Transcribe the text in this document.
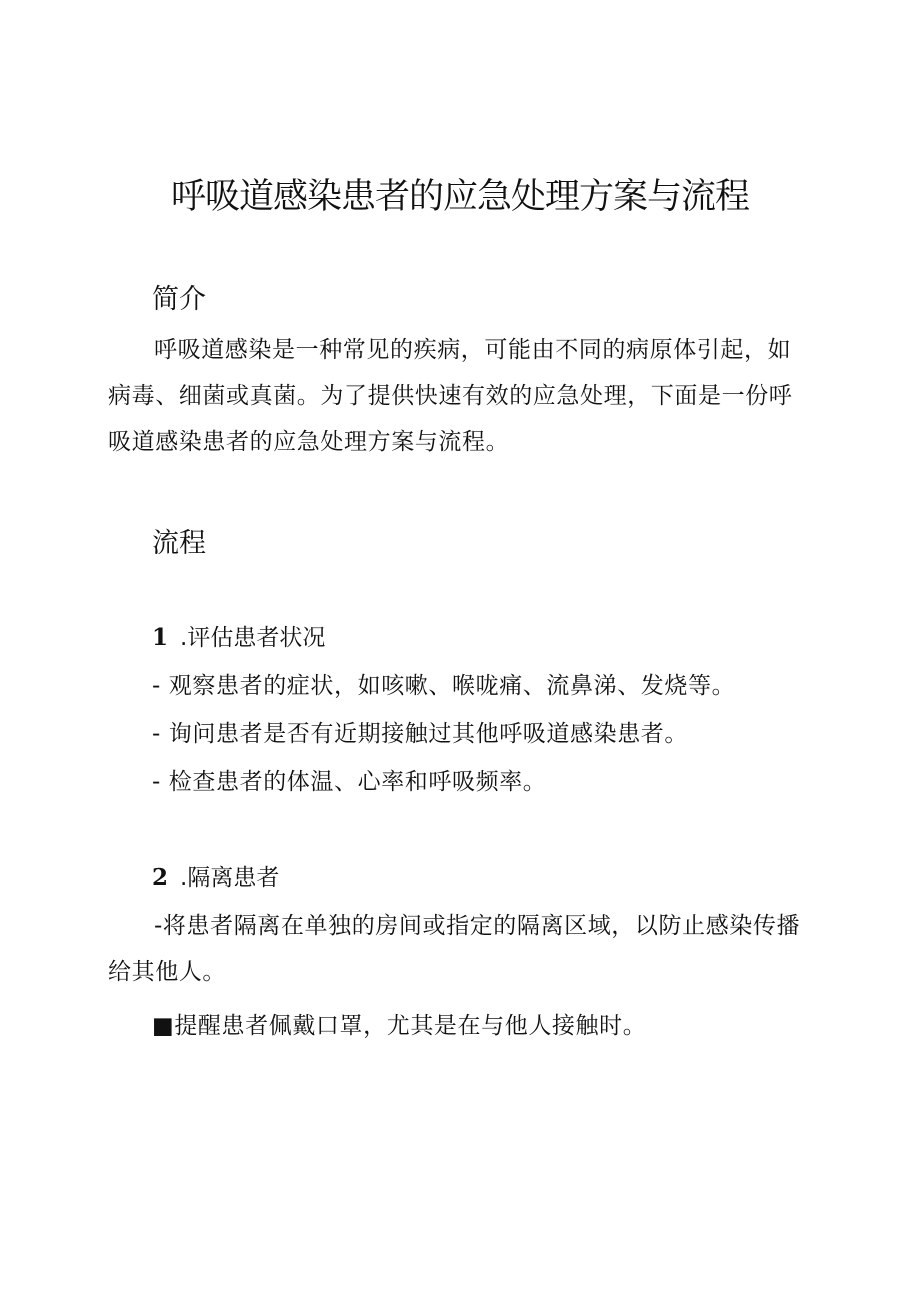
呼吸道感染患者的应急处理方案与流程
简介

呼吸道感染是一种常见的疾病，可能由不同的病原体引起，如病毒、细菌或真菌。为了提供快速有效的应急处理，下面是一份呼吸道感染患者的应急处理方案与流程。

流程
1 .评估患者状况

- 观察患者的症状，如咳嗽、喉咙痛、流鼻涕、发烧等。

- 询问患者是否有近期接触过其他呼吸道感染患者。

- 检查患者的体温、心率和呼吸频率。

2 .隔离患者

-将患者隔离在单独的房间或指定的隔离区域，以防止感染传播给其他人。

■提醒患者佩戴口罩，尤其是在与他人接触时。
